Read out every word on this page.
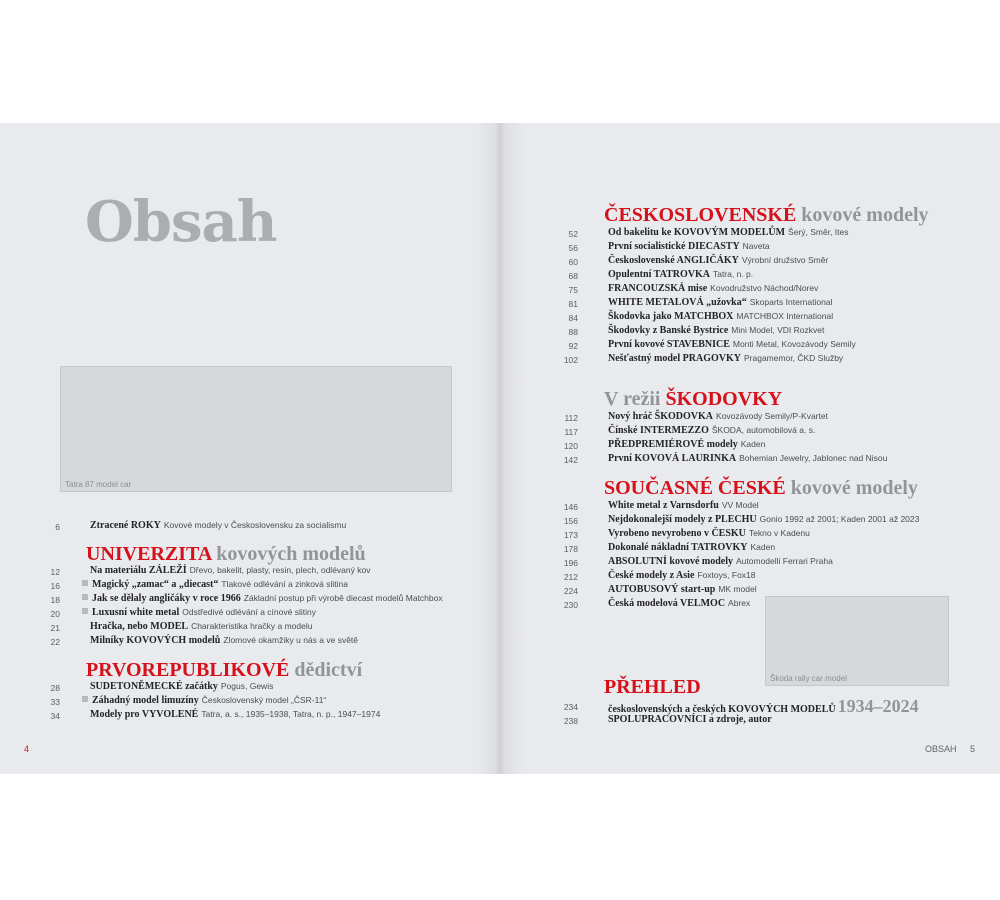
Obsah
Tatra 87 model car
Škoda rally car model
6	Ztracené ROKY Kovové modely v Československu za socialismu

UNIVERZITA kovových modelů

12	Na materiálu ZÁLEŽÍ Dřevo, bakelit, plasty, resin, plech, odlévaný kov
16	Magický „zamac“ a „diecast“ Tlakové odlévání a zinková slitina
18	Jak se dělaly angličáky v roce 1966 Základní postup při výrobě diecast modelů Matchbox
20	Luxusní white metal Odstředivé odlévání a cínové slitiny
21	Hračka, nebo MODEL Charakteristika hračky a modelu
22	Milníky KOVOVÝCH modelů Zlomové okamžiky u nás a ve světě

PRVOREPUBLIKOVÉ dědictví

28	SUDETONĚMECKÉ začátky Pogus, Gewis
33	Záhadný model limuzíny Československý model „ČSR-11“
34	Modely pro VYVOLENÉ Tatra, a. s., 1935–1938, Tatra, n. p., 1947–1974
4

ČESKOSLOVENSKÉ kovové modely

52	Od bakelitu ke KOVOVÝM MODELŮM Šerý, Směr, Ites
56	První socialistické DIECASTY Naveta
60	Československé ANGLIČÁKY Výrobní družstvo Směr
68	Opulentní TATROVKA Tatra, n. p.
75	FRANCOUZSKÁ mise Kovodružstvo Náchod/Norev
81	WHITE METALOVÁ „užovka“ Skoparts International
84	Škodovka jako MATCHBOX MATCHBOX International
88	Škodovky z Banské Bystrice Mini Model, VDI Rozkvet
92	První kovové STAVEBNICE Monti Metal, Kovozávody Semily
102	Nešťastný model PRAGOVKY Pragamemor, ČKD Služby

V režii ŠKODOVKY

112	Nový hráč ŠKODOVKA Kovozávody Semily/P-Kvartet
117	Čínské INTERMEZZO ŠKODA, automobilová a. s.
120	PŘEDPREMIÉROVÉ modely Kaden
142	První KOVOVÁ LAURINKA Bohemian Jewelry, Jablonec nad Nisou

SOUČASNÉ ČESKÉ kovové modely

146	White metal z Varnsdorfu VV Model
156	Nejdokonalejší modely z PLECHU Gonio 1992 až 2001; Kaden 2001 až 2023
173	Vyrobeno nevyrobeno v ČESKU Tekno v Kadenu
178	Dokonalé nákladní TATROVKY Kaden
196	ABSOLUTNÍ kovové modely Automodelli Ferrari Praha
212	České modely z Asie Foxtoys, Fox18
224	AUTOBUSOVÝ start-up MK model
230	Česká modelová VELMOC Abrex

PŘEHLED

234	československých a českých KOVOVÝCH MODELŮ 1934–2024
238	SPOLUPRACOVNÍCI a zdroje, autor
OBSAH 5
